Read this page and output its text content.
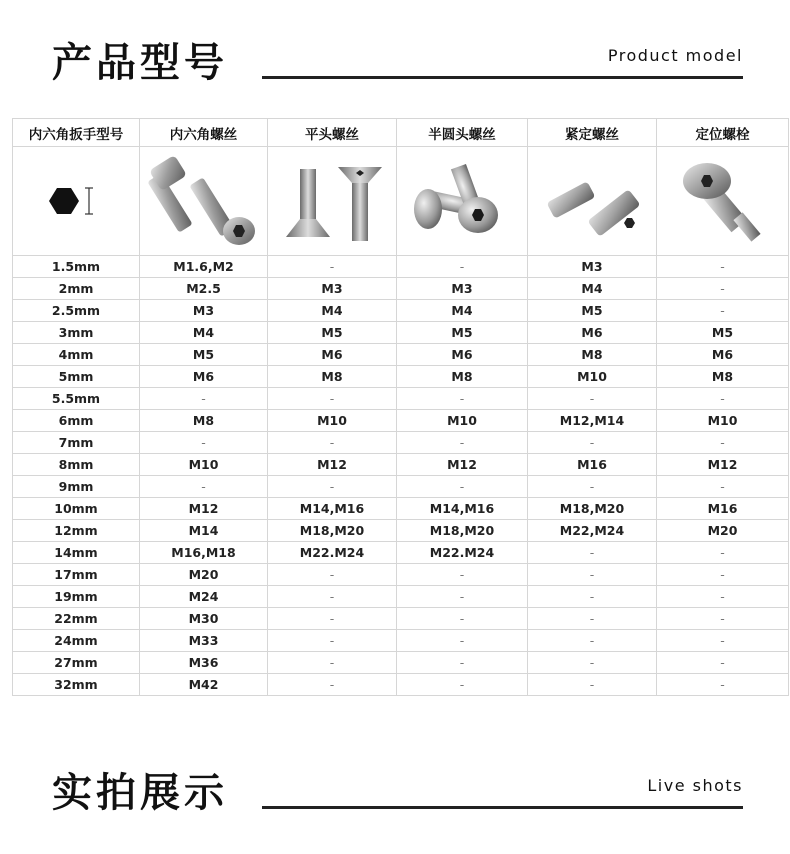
产品型号	Product model
内六角扳手型号	内六角螺丝	平头螺丝	半圆头螺丝	紧定螺丝	定位螺栓

1.5mm	M1.6,M2	-	-	M3	-
2mm	M2.5	M3	M3	M4	-
2.5mm	M3	M4	M4	M5	-
3mm	M4	M5	M5	M6	M5
4mm	M5	M6	M6	M8	M6
5mm	M6	M8	M8	M10	M8
5.5mm	-	-	-	-	-
6mm	M8	M10	M10	M12,M14	M10
7mm	-	-	-	-	-
8mm	M10	M12	M12	M16	M12
9mm	-	-	-	-	-
10mm	M12	M14,M16	M14,M16	M18,M20	M16
12mm	M14	M18,M20	M18,M20	M22,M24	M20
14mm	M16,M18	M22.M24	M22.M24	-	-
17mm	M20	-	-	-	-
19mm	M24	-	-	-	-
22mm	M30	-	-	-	-
24mm	M33	-	-	-	-
27mm	M36	-	-	-	-
32mm	M42	-	-	-	-
实拍展示	Live shots
